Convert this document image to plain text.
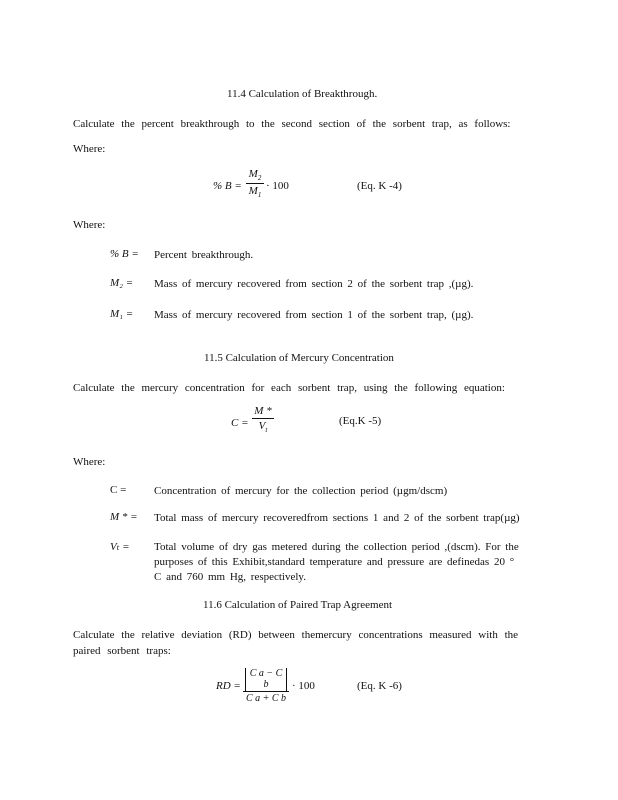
11.4 Calculation of Breakthrough.
Calculate the percent breakthrough to the second section of the sorbent trap, as follows:
Where:
% B =
$M_2$
$M_1$
· 100	(Eq. K -4)
Where:
% B = Percent breakthrough.
M₂ = Mass of mercury recovered from section 2 of the sorbent trap ,(µg).
M₁ = Mass of mercury recovered from section 1 of the sorbent trap, (µg).
11.5 Calculation of Mercury Concentration
Calculate the mercury concentration for each sorbent trap, using the following equation:
C =
M *
$V_t$
(Eq.K -5)
Where:
C =	Concentration of mercury for the collection period (µgm/dscm)
M * = Total mass of mercury recoveredfrom sections 1 and 2 of the sorbent trap(µg)
Vₜ = Total volume of dry gas metered during the collection period ,(dscm). For the purposes of this Exhibit,standard temperature and pressure are definedas 20 ° C and 760 mm Hg, respectively.
11.6 Calculation of Paired Trap Agreement
Calculate the relative deviation (RD) between themercury concentrations measured with the paired sorbent traps:
RD =
C a − C b
C a + C b
· 100	(Eq. K -6)
